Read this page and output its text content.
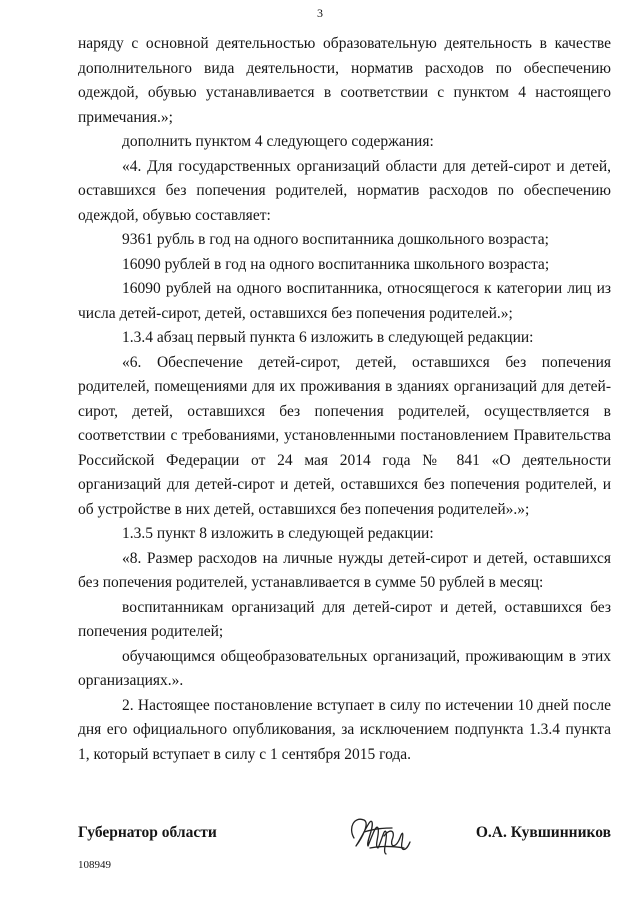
3

наряду с основной деятельностью образовательную деятельность в качестве дополнительного вида деятельности, норматив расходов по обеспечению одеждой, обувью устанавливается в соответствии с пунктом 4 настоящего примечания.»;

дополнить пунктом 4 следующего содержания:

«4. Для государственных организаций области для детей-сирот и детей, оставшихся без попечения родителей, норматив расходов по обеспечению одеждой, обувью составляет:

9361 рубль в год на одного воспитанника дошкольного возраста;

16090 рублей в год на одного воспитанника школьного возраста;

16090 рублей на одного воспитанника, относящегося к категории лиц из числа детей-сирот, детей, оставшихся без попечения родителей.»;

1.3.4 абзац первый пункта 6 изложить в следующей редакции:

«6. Обеспечение детей-сирот, детей, оставшихся без попечения родителей, помещениями для их проживания в зданиях организаций для детей-сирот, детей, оставшихся без попечения родителей, осуществляется в соответствии с требованиями, установленными постановлением Правительства Российской Федерации от 24 мая 2014 года № 841 «О деятельности организаций для детей-сирот и детей, оставшихся без попечения родителей, и об устройстве в них детей, оставшихся без попечения родителей».»;

1.3.5 пункт 8 изложить в следующей редакции:

«8. Размер расходов на личные нужды детей-сирот и детей, оставшихся без попечения родителей, устанавливается в сумме 50 рублей в месяц:

воспитанникам организаций для детей-сирот и детей, оставшихся без попечения родителей;

обучающимся общеобразовательных организаций, проживающим в этих организациях.».

2. Настоящее постановление вступает в силу по истечении 10 дней после дня его официального опубликования, за исключением подпункта 1.3.4 пункта 1, который вступает в силу с 1 сентября 2015 года.

Губернатор области	О.А. Кувшинников
108949
